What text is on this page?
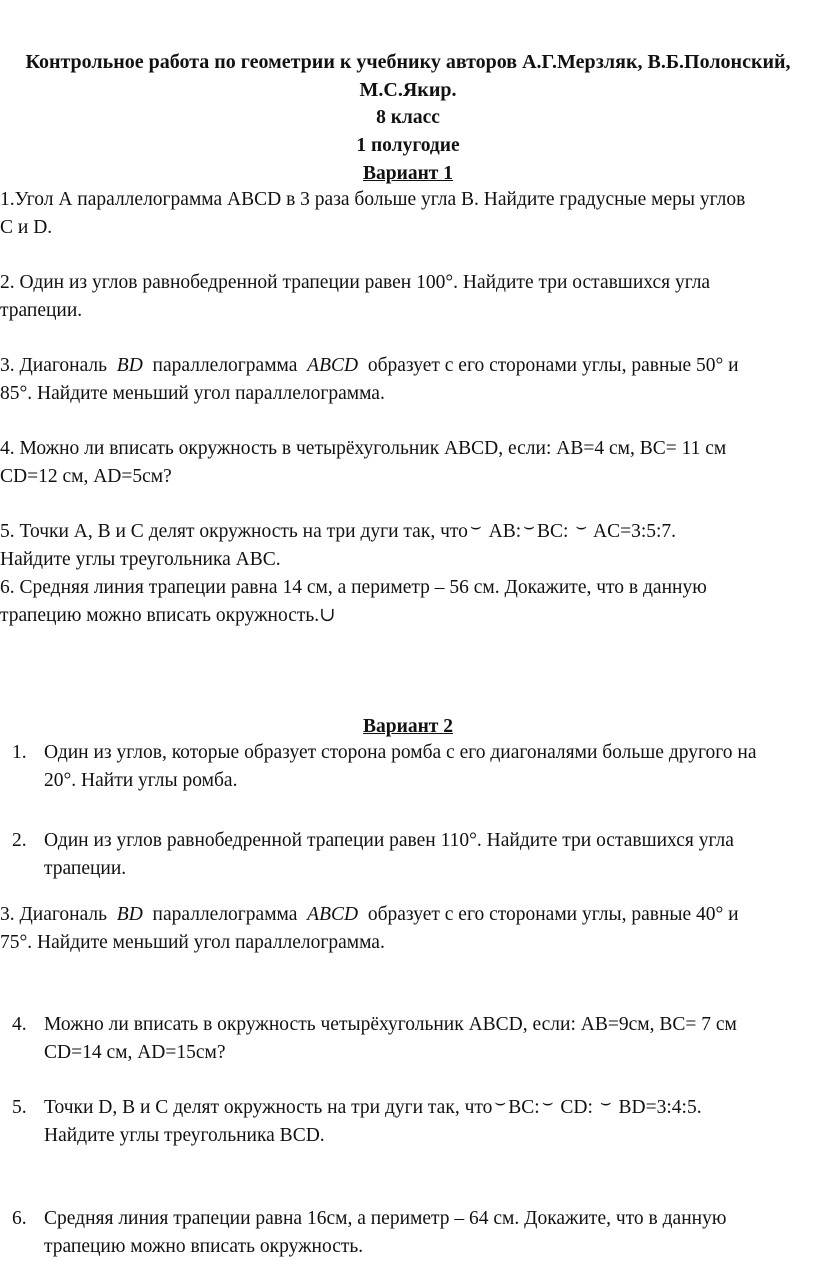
Контрольное работа по геометрии к учебнику авторов А.Г.Мерзляк, В.Б.Полонский,
М.С.Якир.
8 класс
1 полугодие
Вариант 1
1.Угол А параллелограмма ABCD в 3 раза больше угла В. Найдите градусные меры углов
С и D.
2. Один из углов равнобедренной трапеции равен 100°. Найдите три оставшихся угла
трапеции.
3. Диагональ BD параллелограмма ABCD образует с его сторонами углы, равные 50° и
85°. Найдите меньший угол параллелограмма.
4. Можно ли вписать окружность в четырёхугольник ABCD, если: AB=4 см, BC= 11 см
CD=12 см, AD=5см?
5. Точки А, В и С делят окружность на три дуги так, что ⌣ AB: ⌣ BC: ⌣ AC=3:5:7.
Найдите углы треугольника АВС.
6. Средняя линия трапеции равна 14 см, а периметр – 56 см. Докажите, что в данную
трапецию можно вписать окружность.∪
Вариант 2
1. Один из углов, которые образует сторона ромба с его диагоналями больше другого на
20°. Найти углы ромба.
2. Один из углов равнобедренной трапеции равен 110°. Найдите три оставшихся угла
трапеции.
3. Диагональ BD параллелограмма ABCD образует с его сторонами углы, равные 40° и
75°. Найдите меньший угол параллелограмма.
4. Можно ли вписать в окружность четырёхугольник ABCD, если: AB=9см, BC= 7 см
CD=14 см, AD=15см?
5. Точки D, B и C делят окружность на три дуги так, что ⌣ BC: ⌣ CD: ⌣ BD=3:4:5.
Найдите углы треугольника ВCD.
6. Средняя линия трапеции равна 16см, а периметр – 64 см. Докажите, что в данную
трапецию можно вписать окружность.
